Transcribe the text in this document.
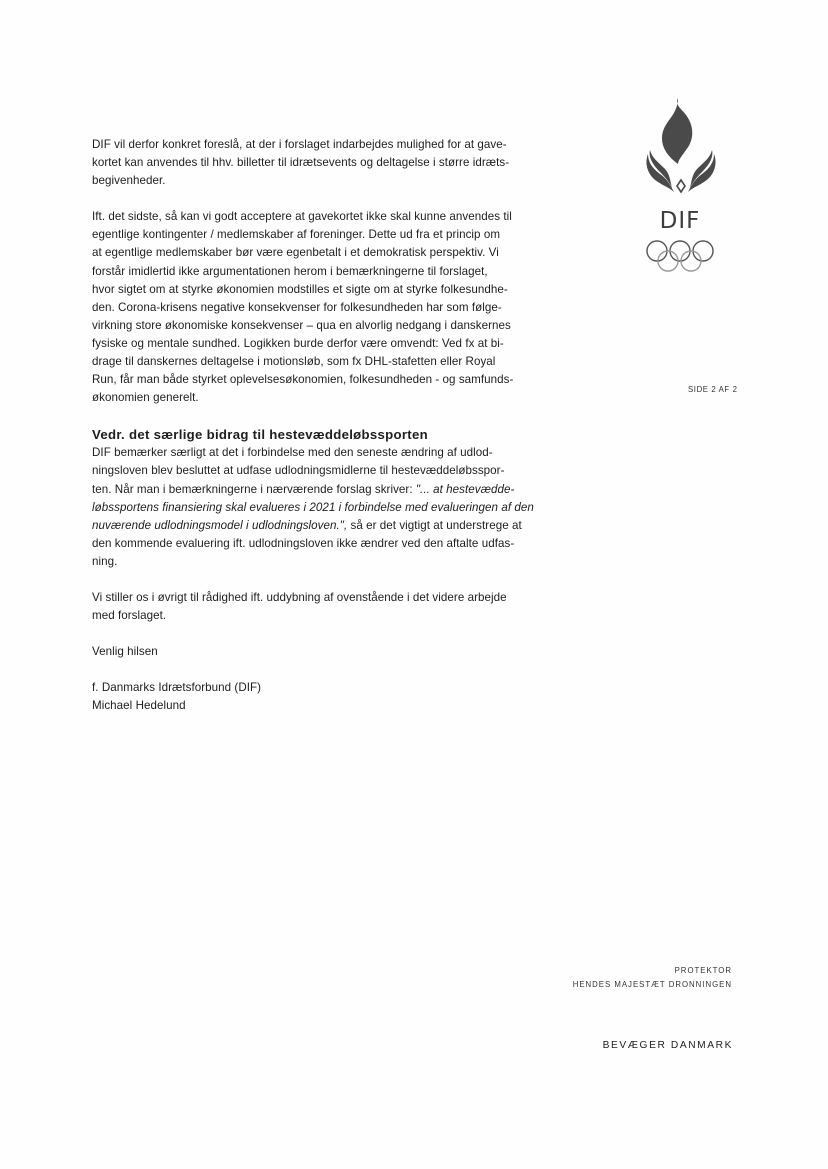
DIF
SIDE 2 AF 2

DIF vil derfor konkret foreslå, at der i forslaget indarbejdes mulighed for at gave-
kortet kan anvendes til hhv. billetter til idrætsevents og deltagelse i større idræts-
begivenheder.

Ift. det sidste, så kan vi godt acceptere at gavekortet ikke skal kunne anvendes til
egentlige kontingenter / medlemskaber af foreninger. Dette ud fra et princip om
at egentlige medlemskaber bør være egenbetalt i et demokratisk perspektiv. Vi
forstår imidlertid ikke argumentationen herom i bemærkningerne til forslaget,
hvor sigtet om at styrke økonomien modstilles et sigte om at styrke folkesundhe-
den. Corona-krisens negative konsekvenser for folkesundheden har som følge-
virkning store økonomiske konsekvenser – qua en alvorlig nedgang i danskernes
fysiske og mentale sundhed. Logikken burde derfor være omvendt: Ved fx at bi-
drage til danskernes deltagelse i motionsløb, som fx DHL-stafetten eller Royal
Run, får man både styrket oplevelsesøkonomien, folkesundheden - og samfunds-
økonomien generelt.

Vedr. det særlige bidrag til hestevæddeløbssporten

DIF bemærker særligt at det i forbindelse med den seneste ændring af udlod-
ningsloven blev besluttet at udfase udlodningsmidlerne til hestevæddeløbsspor-
ten. Når man i bemærkningerne i nærværende forslag skriver: "... at hestevædde-
løbssportens finansiering skal evalueres i 2021 i forbindelse med evalueringen af den
nuværende udlodningsmodel i udlodningsloven.", så er det vigtigt at understrege at
den kommende evaluering ift. udlodningsloven ikke ændrer ved den aftalte udfas-
ning.

Vi stiller os i øvrigt til rådighed ift. uddybning af ovenstående i det videre arbejde
med forslaget.

Venlig hilsen

f. Danmarks Idrætsforbund (DIF)
Michael Hedelund

PROTEKTOR
HENDES MAJESTÆT DRONNINGEN
BEVÆGER DANMARK
